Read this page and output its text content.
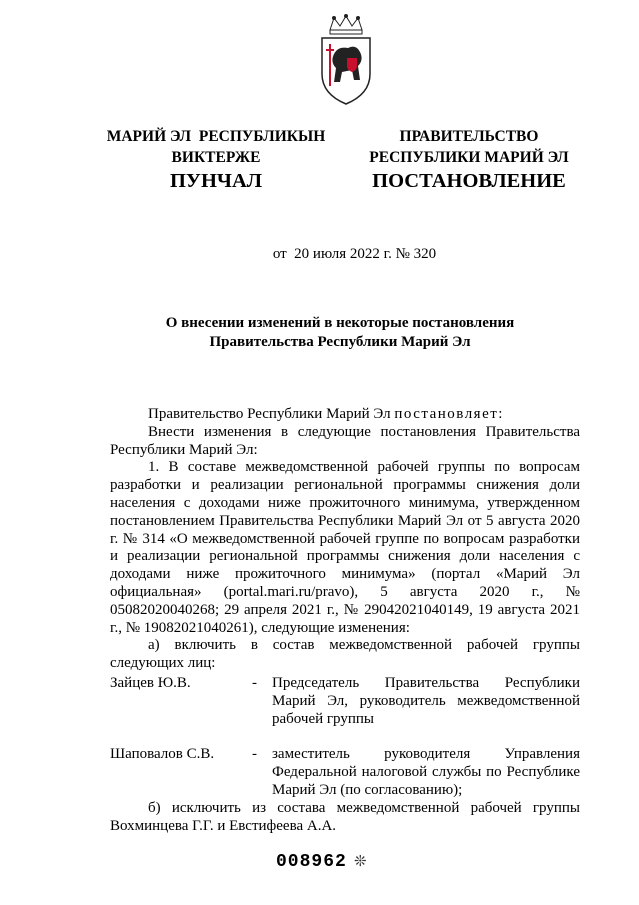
МАРИЙ ЭЛ  РЕСПУБЛИКЫН
ВИКТЕРЖЕ
ПРАВИТЕЛЬСТВО
РЕСПУБЛИКИ МАРИЙ ЭЛ
ПУНЧАЛ	ПОСТАНОВЛЕНИЕ
от  20 июля 2022 г. № 320
О внесении изменений в некоторые постановления
Правительства Республики Марий Эл
Правительство Республики Марий Эл постановляет:
Внести изменения в следующие постановления Правительства Республики Марий Эл:
1. В составе межведомственной рабочей группы по вопросам разработки и реализации региональной программы снижения доли населения с доходами ниже прожиточного минимума, утвержденном постановлением Правительства Республики Марий Эл от 5 августа 2020 г. № 314 «О межведомственной рабочей группе по вопросам разработки и реализации региональной программы снижения доли населения с доходами ниже прожиточного минимума» (портал «Марий Эл официальная» (portal.mari.ru/pravo), 5 августа 2020 г., № 05082020040268; 29 апреля 2021 г., № 29042021040149, 19 августа 2021 г., № 19082021040261), следующие изменения:
а) включить в состав межведомственной рабочей группы следующих лиц:
Зайцев Ю.В.	-	Председатель Правительства Республики Марий Эл, руководитель межведомственной рабочей группы
Шаповалов С.В.	-	заместитель руководителя Управления Федеральной налоговой службы по Республике Марий Эл (по согласованию);
б) исключить из состава межведомственной рабочей группы Вохминцева Г.Г. и Евстифеева А.А.
008962 ❊
